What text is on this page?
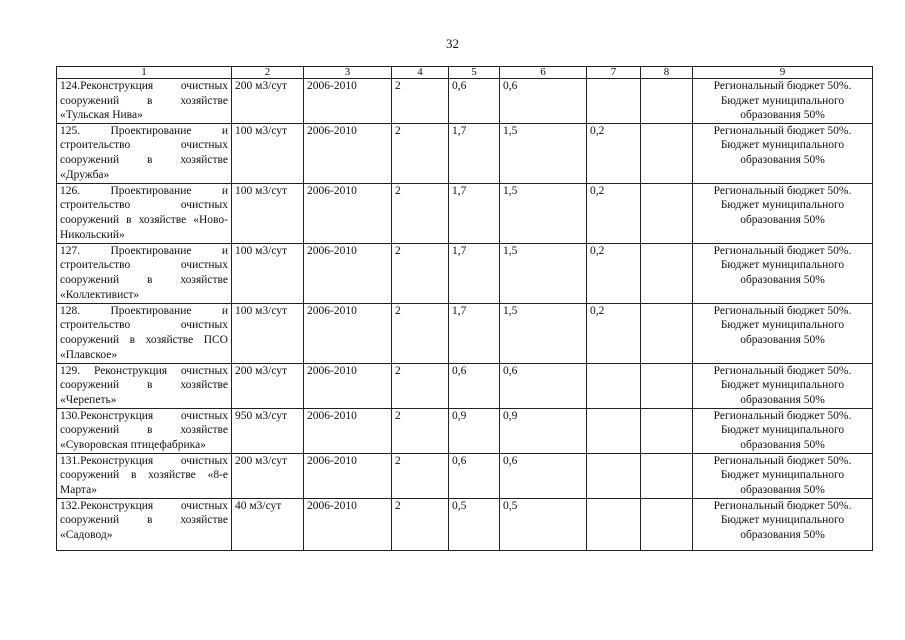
32
1	2	3	4	5	6	7	8	9
124.Реконструкция очистных сооружений в хозяйстве «Тульская Нива»	200 м3/сут	2006-2010	2	0,6	0,6			Региональный бюджет 50%. Бюджет муниципального образования 50%
125. Проектирование и строительство очистных сооружений в хозяйстве «Дружба»	100 м3/сут	2006-2010	2	1,7	1,5	0,2		Региональный бюджет 50%. Бюджет муниципального образования 50%
126. Проектирование и строительство очистных сооружений в хозяйстве «Ново-Никольский»	100 м3/сут	2006-2010	2	1,7	1,5	0,2		Региональный бюджет 50%. Бюджет муниципального образования 50%
127. Проектирование и строительство очистных сооружений в хозяйстве «Коллективист»	100 м3/сут	2006-2010	2	1,7	1,5	0,2		Региональный бюджет 50%. Бюджет муниципального образования 50%
128. Проектирование и строительство очистных сооружений в хозяйстве ПСО «Плавское»	100 м3/сут	2006-2010	2	1,7	1,5	0,2		Региональный бюджет 50%. Бюджет муниципального образования 50%
129. Реконструкция очистных сооружений в хозяйстве «Черепеть»	200 м3/сут	2006-2010	2	0,6	0,6			Региональный бюджет 50%. Бюджет муниципального образования 50%
130.Реконструкция очистных сооружений в хозяйстве «Суворовская птицефабрика»	950 м3/сут	2006-2010	2	0,9	0,9			Региональный бюджет 50%. Бюджет муниципального образования 50%
131.Реконструкция очистных сооружений в хозяйстве «8-е Марта»	200 м3/сут	2006-2010	2	0,6	0,6			Региональный бюджет 50%. Бюджет муниципального образования 50%
132.Реконструкция очистных сооружений в хозяйстве «Садовод»	40 м3/сут	2006-2010	2	0,5	0,5			Региональный бюджет 50%. Бюджет муниципального образования 50%
